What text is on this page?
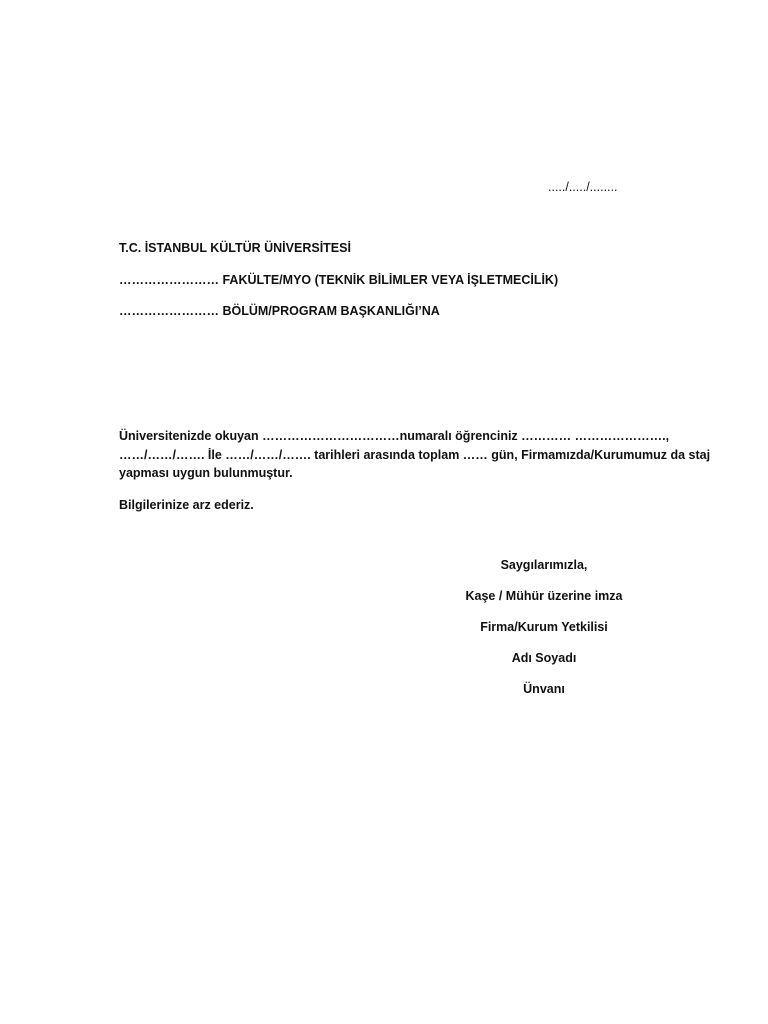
...../...../........
T.C. İSTANBUL KÜLTÜR ÜNİVERSİTESİ
…………………… FAKÜLTE/MYO (TEKNİK BİLİMLER VEYA İŞLETMECİLİK)
…………………… BÖLÜM/PROGRAM BAŞKANLIĞI’NA
Üniversitenizde okuyan ……………………………numaralı öğrenciniz ………… ………………….,
……/……/……. İle ……/……/……. tarihleri arasında toplam …… gün, Firmamızda/Kurumumuz da staj
yapması uygun bulunmuştur.
Bilgilerinize arz ederiz.
Saygılarımızla,
Kaşe / Mühür üzerine imza
Firma/Kurum Yetkilisi
Adı Soyadı
Ünvanı
